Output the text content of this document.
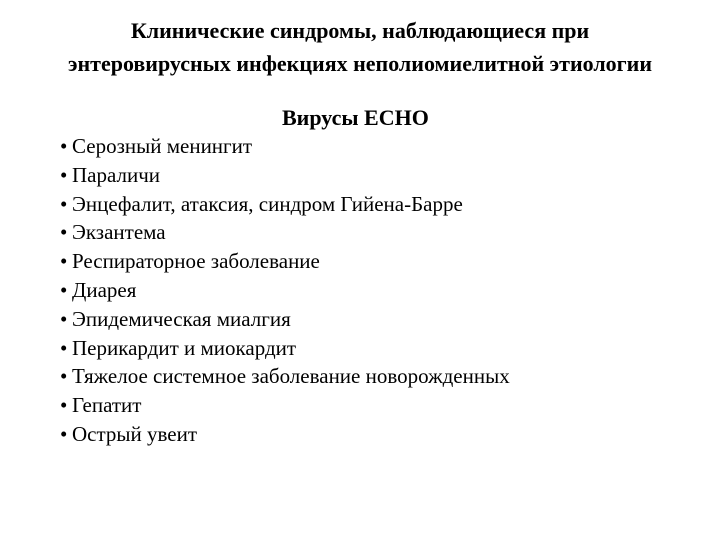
Клинические синдромы, наблюдающиеся при
энтеровирусных инфекциях неполиомиелитной этиологии
Вирусы ЕСНО
• Серозный менингит
• Параличи
• Энцефалит, атаксия, синдром Гийена-Барре
• Экзантема
• Респираторное заболевание
• Диарея
• Эпидемическая миалгия
• Перикардит и миокардит
• Тяжелое системное заболевание новорожденных
• Гепатит
• Острый увеит
